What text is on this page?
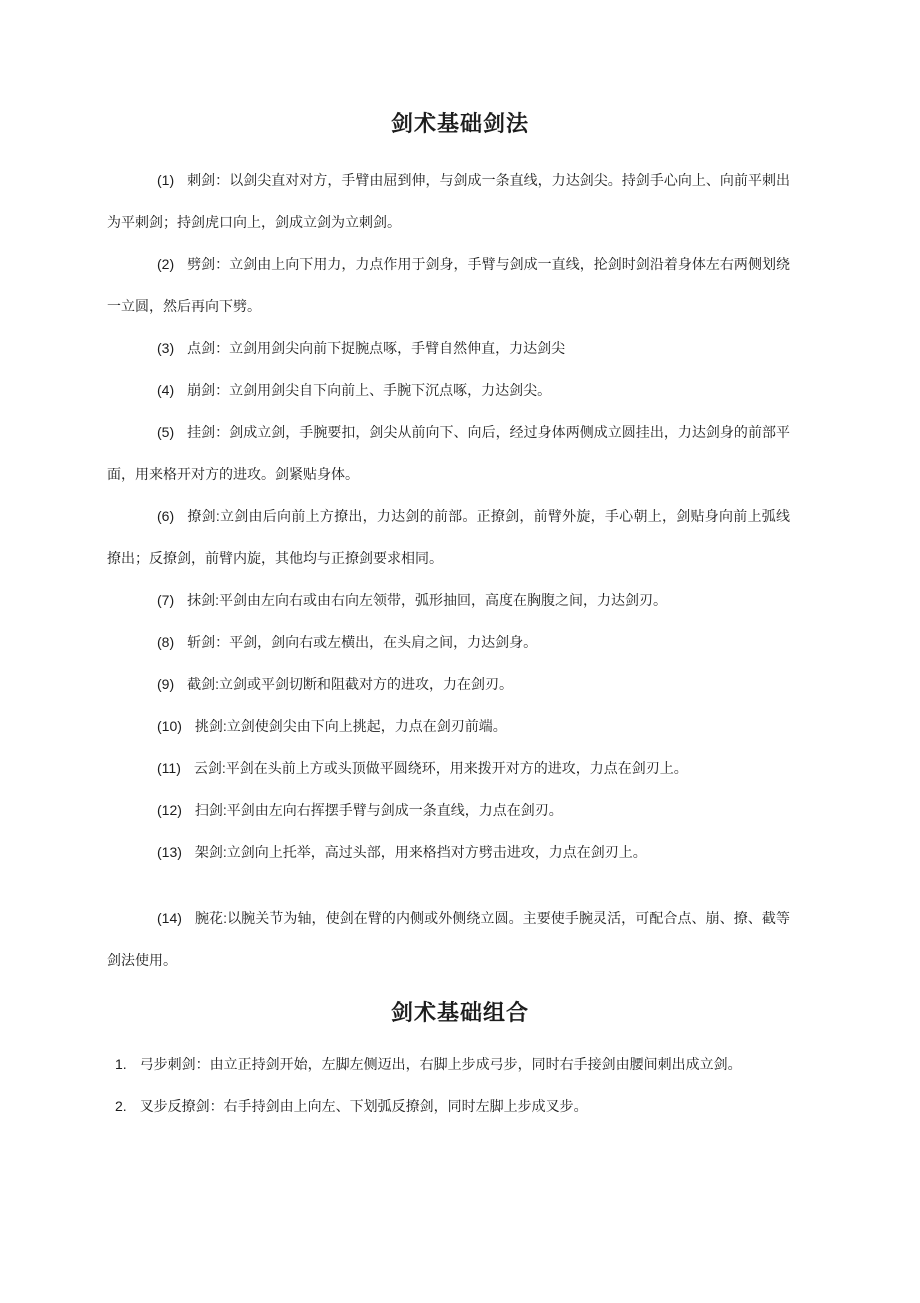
剑术基础剑法

(1) 刺剑：以剑尖直对对方，手臂由屈到伸，与剑成一条直线，力达剑尖。持剑手心向上、向前平刺出为平刺剑；持剑虎口向上，剑成立剑为立刺剑。

(2) 劈剑：立剑由上向下用力，力点作用于剑身，手臂与剑成一直线，抡剑时剑沿着身体左右两侧划绕一立圆，然后再向下劈。

(3) 点剑：立剑用剑尖向前下捉腕点啄，手臂自然伸直，力达剑尖

(4) 崩剑：立剑用剑尖自下向前上、手腕下沉点啄，力达剑尖。

(5) 挂剑：剑成立剑，手腕要扣，剑尖从前向下、向后，经过身体两侧成立圆挂出，力达剑身的前部平面，用来格开对方的进攻。剑紧贴身体。

(6) 撩剑:立剑由后向前上方撩出，力达剑的前部。正撩剑，前臂外旋，手心朝上，剑贴身向前上弧线撩出；反撩剑，前臂内旋，其他均与正撩剑要求相同。

(7) 抹剑:平剑由左向右或由右向左领带，弧形抽回，高度在胸腹之间，力达剑刃。

(8) 斩剑：平剑，剑向右或左横出，在头肩之间，力达剑身。

(9) 截剑:立剑或平剑切断和阻截对方的进攻，力在剑刃。

(10) 挑剑:立剑使剑尖由下向上挑起，力点在剑刃前端。

(11) 云剑:平剑在头前上方或头顶做平圆绕环，用来拨开对方的进攻，力点在剑刃上。

(12) 扫剑:平剑由左向右挥摆手臂与剑成一条直线，力点在剑刃。

(13) 架剑:立剑向上托举，高过头部，用来格挡对方劈击进攻，力点在剑刃上。

(14) 腕花:以腕关节为轴，使剑在臂的内侧或外侧绕立圆。主要使手腕灵活，可配合点、崩、撩、截等剑法使用。

剑术基础组合

1. 弓步刺剑：由立正持剑开始，左脚左侧迈出，右脚上步成弓步，同时右手接剑由腰间刺出成立剑。

2. 叉步反撩剑：右手持剑由上向左、下划弧反撩剑，同时左脚上步成叉步。
